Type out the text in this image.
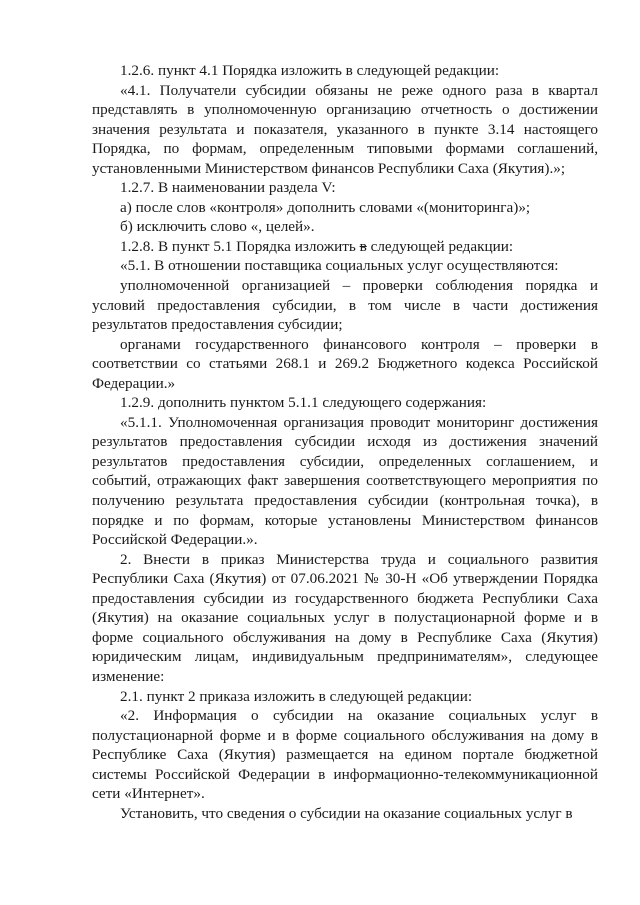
1.2.6. пункт 4.1 Порядка изложить в следующей редакции:

«4.1. Получатели субсидии обязаны не реже одного раза в квартал представлять в уполномоченную организацию отчетность о достижении значения результата и показателя, указанного в пункте 3.14 настоящего Порядка, по формам, определенным типовыми формами соглашений, установленными Министерством финансов Республики Саха (Якутия).»;

1.2.7. В наименовании раздела V:

а) после слов «контроля» дополнить словами «(мониторинга)»;

б) исключить слово «, целей».

1.2.8. В пункт 5.1 Порядка изложить в следующей редакции:

«5.1. В отношении поставщика социальных услуг осуществляются:

уполномоченной организацией – проверки соблюдения порядка и условий предоставления субсидии, в том числе в части достижения результатов предоставления субсидии;

органами государственного финансового контроля – проверки в соответствии со статьями 268.1 и 269.2 Бюджетного кодекса Российской Федерации.»

1.2.9. дополнить пунктом 5.1.1 следующего содержания:

«5.1.1. Уполномоченная организация проводит мониторинг достижения результатов предоставления субсидии исходя из достижения значений результатов предоставления субсидии, определенных соглашением, и событий, отражающих факт завершения соответствующего мероприятия по получению результата предоставления субсидии (контрольная точка), в порядке и по формам, которые установлены Министерством финансов Российской Федерации.».

2. Внести в приказ Министерства труда и социального развития Республики Саха (Якутия) от 07.06.2021 № 30-Н «Об утверждении Порядка предоставления субсидии из государственного бюджета Республики Саха (Якутия) на оказание социальных услуг в полустационарной форме и в форме социального обслуживания на дому в Республике Саха (Якутия) юридическим лицам, индивидуальным предпринимателям», следующее изменение:

2.1. пункт 2 приказа изложить в следующей редакции:

«2. Информация о субсидии на оказание социальных услуг в полустационарной форме и в форме социального обслуживания на дому в Республике Саха (Якутия) размещается на едином портале бюджетной системы Российской Федерации в информационно-телекоммуникационной сети «Интернет».

Установить, что сведения о субсидии на оказание социальных услуг в
